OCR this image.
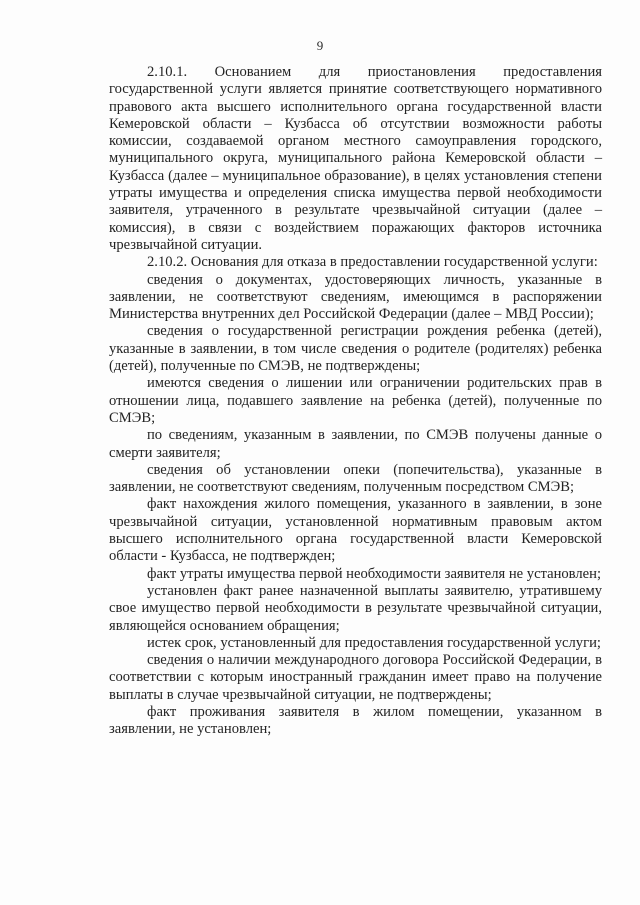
9

2.10.1. Основанием для приостановления предоставления государственной услуги является принятие соответствующего нормативного правового акта высшего исполнительного органа государственной власти Кемеровской области – Кузбасса об отсутствии возможности работы комиссии, создаваемой органом местного самоуправления городского, муниципального округа, муниципального района Кемеровской области – Кузбасса (далее – муниципальное образование), в целях установления степени утраты имущества и определения списка имущества первой необходимости заявителя, утраченного в результате чрезвычайной ситуации (далее – комиссия), в связи с воздействием поражающих факторов источника чрезвычайной ситуации.

2.10.2. Основания для отказа в предоставлении государственной услуги:

сведения о документах, удостоверяющих личность, указанные в заявлении, не соответствуют сведениям, имеющимся в распоряжении Министерства внутренних дел Российской Федерации (далее – МВД России);

сведения о государственной регистрации рождения ребенка (детей), указанные в заявлении, в том числе сведения о родителе (родителях) ребенка (детей), полученные по СМЭВ, не подтверждены;

имеются сведения о лишении или ограничении родительских прав в отношении лица, подавшего заявление на ребенка (детей), полученные по СМЭВ;

по сведениям, указанным в заявлении, по СМЭВ получены данные о смерти заявителя;

сведения об установлении опеки (попечительства), указанные в заявлении, не соответствуют сведениям, полученным посредством СМЭВ;

факт нахождения жилого помещения, указанного в заявлении, в зоне чрезвычайной ситуации, установленной нормативным правовым актом высшего исполнительного органа государственной власти Кемеровской области - Кузбасса, не подтвержден;

факт утраты имущества первой необходимости заявителя не установлен;

установлен факт ранее назначенной выплаты заявителю, утратившему свое имущество первой необходимости в результате чрезвычайной ситуации, являющейся основанием обращения;

истек срок, установленный для предоставления государственной услуги;

сведения о наличии международного договора Российской Федерации, в соответствии с которым иностранный гражданин имеет право на получение выплаты в случае чрезвычайной ситуации, не подтверждены;

факт проживания заявителя в жилом помещении, указанном в заявлении, не установлен;
